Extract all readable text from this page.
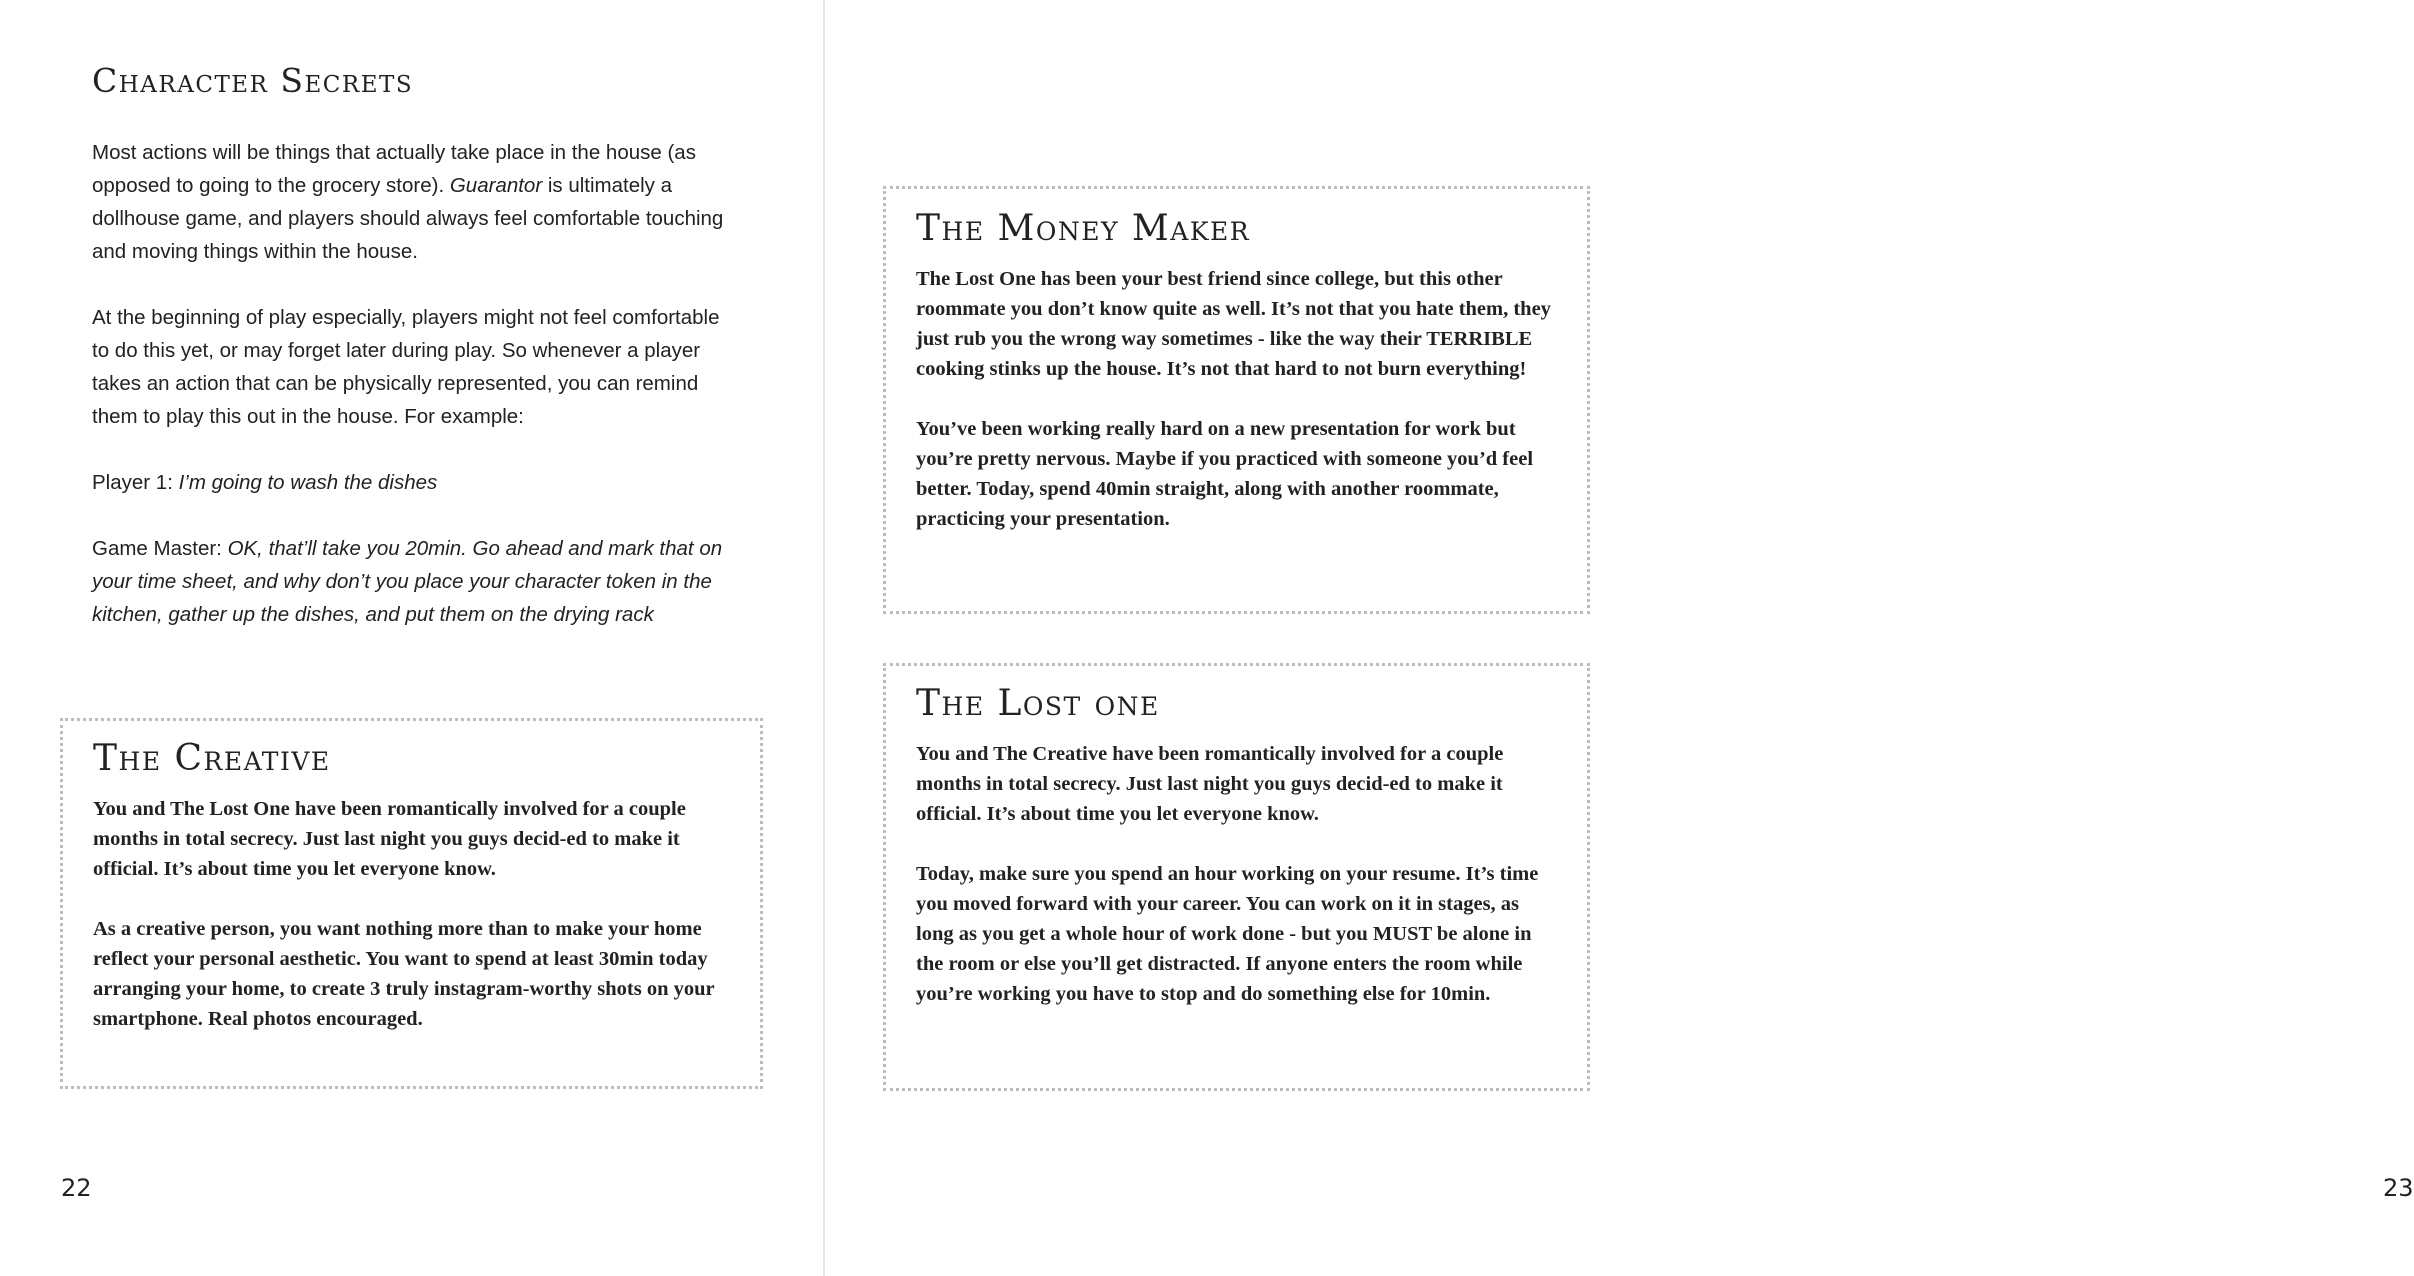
Character Secrets

Most actions will be things that actually take place in the house (as opposed to going to the grocery store). Guarantor is ultimately a dollhouse game, and players should always feel comfortable touching and moving things within the house.

At the beginning of play especially, players might not feel comfortable to do this yet, or may forget later during play. So whenever a player takes an action that can be physically represented, you can remind them to play this out in the house. For example:

Player 1: I’m going to wash the dishes

Game Master: OK, that’ll take you 20min. Go ahead and mark that on your time sheet, and why don’t you place your character token in the kitchen, gather up the dishes, and put them on the drying rack

The Creative

You and The Lost One have been romantically involved for a couple months in total secrecy. Just last night you guys decid-ed to make it official. It’s about time you let everyone know.

As a creative person, you want nothing more than to make your home reflect your personal aesthetic. You want to spend at least 30min today arranging your home, to create 3 truly instagram-worthy shots on your smartphone. Real photos encouraged.

22	23
The Money Maker

The Lost One has been your best friend since college, but this other roommate you don’t know quite as well. It’s not that you hate them, they just rub you the wrong way sometimes - like the way their TERRIBLE cooking stinks up the house. It’s not that hard to not burn everything!

You’ve been working really hard on a new presentation for work but you’re pretty nervous. Maybe if you practiced with someone you’d feel better. Today, spend 40min straight, along with another roommate, practicing your presentation.

The Lost one

You and The Creative have been romantically involved for a couple months in total secrecy. Just last night you guys decid-ed to make it official. It’s about time you let everyone know.

Today, make sure you spend an hour working on your resume. It’s time you moved forward with your career. You can work on it in stages, as long as you get a whole hour of work done - but you MUST be alone in the room or else you’ll get distracted. If anyone enters the room while you’re working you have to stop and do something else for 10min.
